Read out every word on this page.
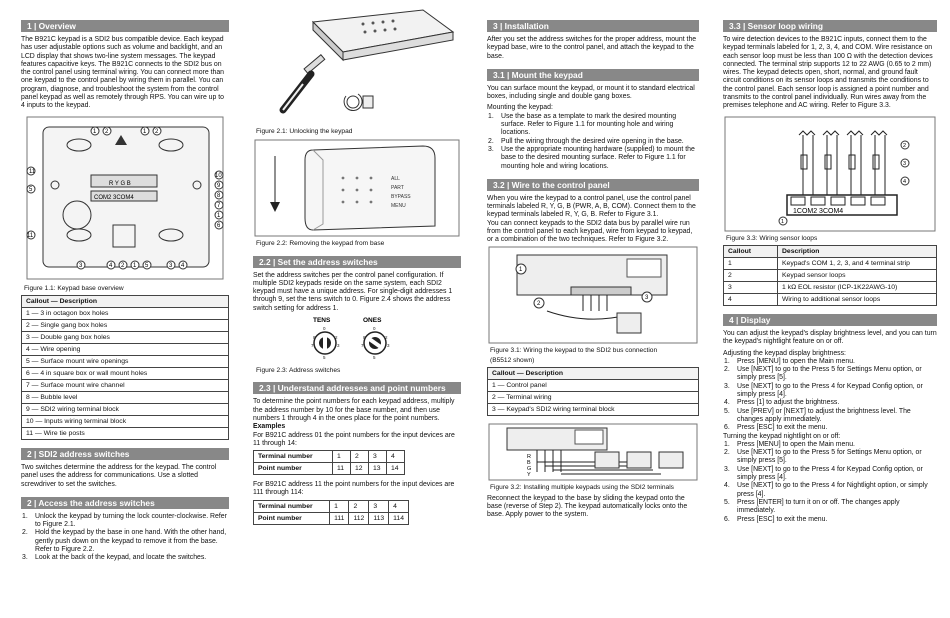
1 | Overview

The B921C keypad is a SDI2 bus compatible device. Each keypad has user adjustable options such as volume and backlight, and an LCD display that shows two-line system messages. The keypad features capacitive keys. The B921C connects to the SDI2 bus on the control panel using terminal wiring. You can connect more than one keypad to the control panel by wiring them in parallel. You can program, diagnose, and troubleshoot the system from the control panel keypad as well as remotely through RPS. You can wire up to 4 inputs to the keypad.

COM2 3COM4
R Y G B
11
1 2	1 2
5
10
9
8
7
1
6
3	4 2 1 5
11
3 4
Figure 1.1: Keypad base overview
Callout — Description
1 — 3 in octagon box holes
2 — Single gang box holes
3 — Double gang box holes
4 — Wire opening
5 — Surface mount wire openings
6 — 4 in square box or wall mount holes
7 — Surface mount wire channel
8 — Bubble level
9 — SDI2 wiring terminal block
10 — Inputs wiring terminal block
11 — Wire tie posts
2 | SDI2 address switches

Two switches determine the address for the keypad. The control panel uses the address for communications. Use a slotted screwdriver to set the switches.

2 | Access the address switches
1. Unlock the keypad by turning the lock counter-clockwise. Refer to Figure 2.1.
2. Hold the keypad by the base in one hand. With the other hand, gently push down on the keypad to remove it from the base. Refer to Figure 2.2.
3. Look at the back of the keypad, and locate the switches.
Figure 2.1: Unlocking the keypad
ALL
PART
BYPASS
MENU
Figure 2.2: Removing the keypad from base
2.2 | Set the address switches

Set the address switches per the control panel configuration. If multiple SDI2 keypads reside on the same system, each SDI2 keypad must have a unique address. For single-digit addresses 1 through 9, set the tens switch to 0. Figure 2.4 shows the address switch setting for address 1.

TENS	ONES
0
8	2
7	3
5
0
8	2
7	3
5
Figure 2.3: Address switches
2.3 | Understand addresses and point numbers

To determine the point numbers for each keypad address, multiply the address number by 10 for the base number, and then use numbers 1 through 4 in the ones place for the point numbers.

Examples

For B921C address 01 the point numbers for the input devices are 11 through 14:

Terminal number	1	2	3	4
Point number	11	12	13	14

For B921C address 11 the point numbers for the input devices are 111 through 114:

Terminal number	1	2	3	4
Point number	111	112	113	114
3 | Installation

After you set the address switches for the proper address, mount the keypad base, wire to the control panel, and attach the keypad to the base.

3.1 | Mount the keypad

You can surface mount the keypad, or mount it to standard electrical boxes, including single and double gang boxes.

Mounting the keypad:

1. Use the base as a template to mark the desired mounting surface. Refer to Figure 1.1 for mounting hole and wiring locations.
2. Pull the wiring through the desired wire opening in the base.
3. Use the appropriate mounting hardware (supplied) to mount the base to the desired mounting surface. Refer to Figure 1.1 for mounting hole and wiring locations.
3.2 | Wire to the control panel

When you wire the keypad to a control panel, use the control panel terminals labeled R, Y, G, B (PWR, A, B, COM). Connect them to the keypad terminals labeled R, Y, G, B. Refer to Figure 3.1.

You can connect keypads to the SDI2 data bus by parallel wire run from the control panel to each keypad, wire from keypad to keypad, or a combination of the two techniques. Refer to Figure 3.2.

1
2
3
Figure 3.1: Wiring the keypad to the SDI2 bus connection
(B5512 shown)
Callout — Description
1 — Control panel
2 — Terminal wiring
3 — Keypad's SDI2 wiring terminal block
B
G
Y
R
Figure 3.2: Installing multiple keypads using the SDI2 terminals

Reconnect the keypad to the base by sliding the keypad onto the base (reverse of Step 2). The keypad automatically locks onto the base. Apply power to the system.

3.3 | Sensor loop wiring

To wire detection devices to the B921C inputs, connect them to the keypad terminals labeled for 1, 2, 3, 4, and COM. Wire resistance on each sensor loop must be less than 100 Ω with the detection devices connected. The terminal strip supports 12 to 22 AWG (0.65 to 2 mm) wires. The keypad detects open, short, normal, and ground fault circuit conditions on its sensor loops and transmits the conditions to the control panel. Each sensor loop is assigned a point number and transmits to the control panel individually. Run wires away from the premises telephone and AC wiring. Refer to Figure 3.3.

1COM2 3COM4
1
2
3
4
Figure 3.3: Wiring sensor loops
Callout	Description
1	Keypad's COM 1, 2, 3, and 4 terminal strip
2	Keypad sensor loops
3	1 kΩ EOL resistor (ICP-1K22AWG-10)
4	Wiring to additional sensor loops
4 | Display

You can adjust the keypad's display brightness level, and you can turn the keypad's nightlight feature on or off.

Adjusting the keypad display brightness:

1. Press [MENU] to open the Main menu.
2. Use [NEXT] to go to the Press 5 for Settings Menu option, or simply press [5].
3. Use [NEXT] to go to the Press 4 for Keypad Config option, or simply press [4].
4. Press [1] to adjust the brightness.
5. Use [PREV] or [NEXT] to adjust the brightness level. The changes apply immediately.
6. Press [ESC] to exit the menu.

Turning the keypad nightlight on or off:

1. Press [MENU] to open the Main menu.
2. Use [NEXT] to go to the Press 5 for Settings Menu option, or simply press [5].
3. Use [NEXT] to go to the Press 4 for Keypad Config option, or simply press [4].
4. Use [NEXT] to go to the Press 4 for Nightlight option, or simply press [4].
5. Press [ENTER] to turn it on or off. The changes apply immediately.
6. Press [ESC] to exit the menu.
